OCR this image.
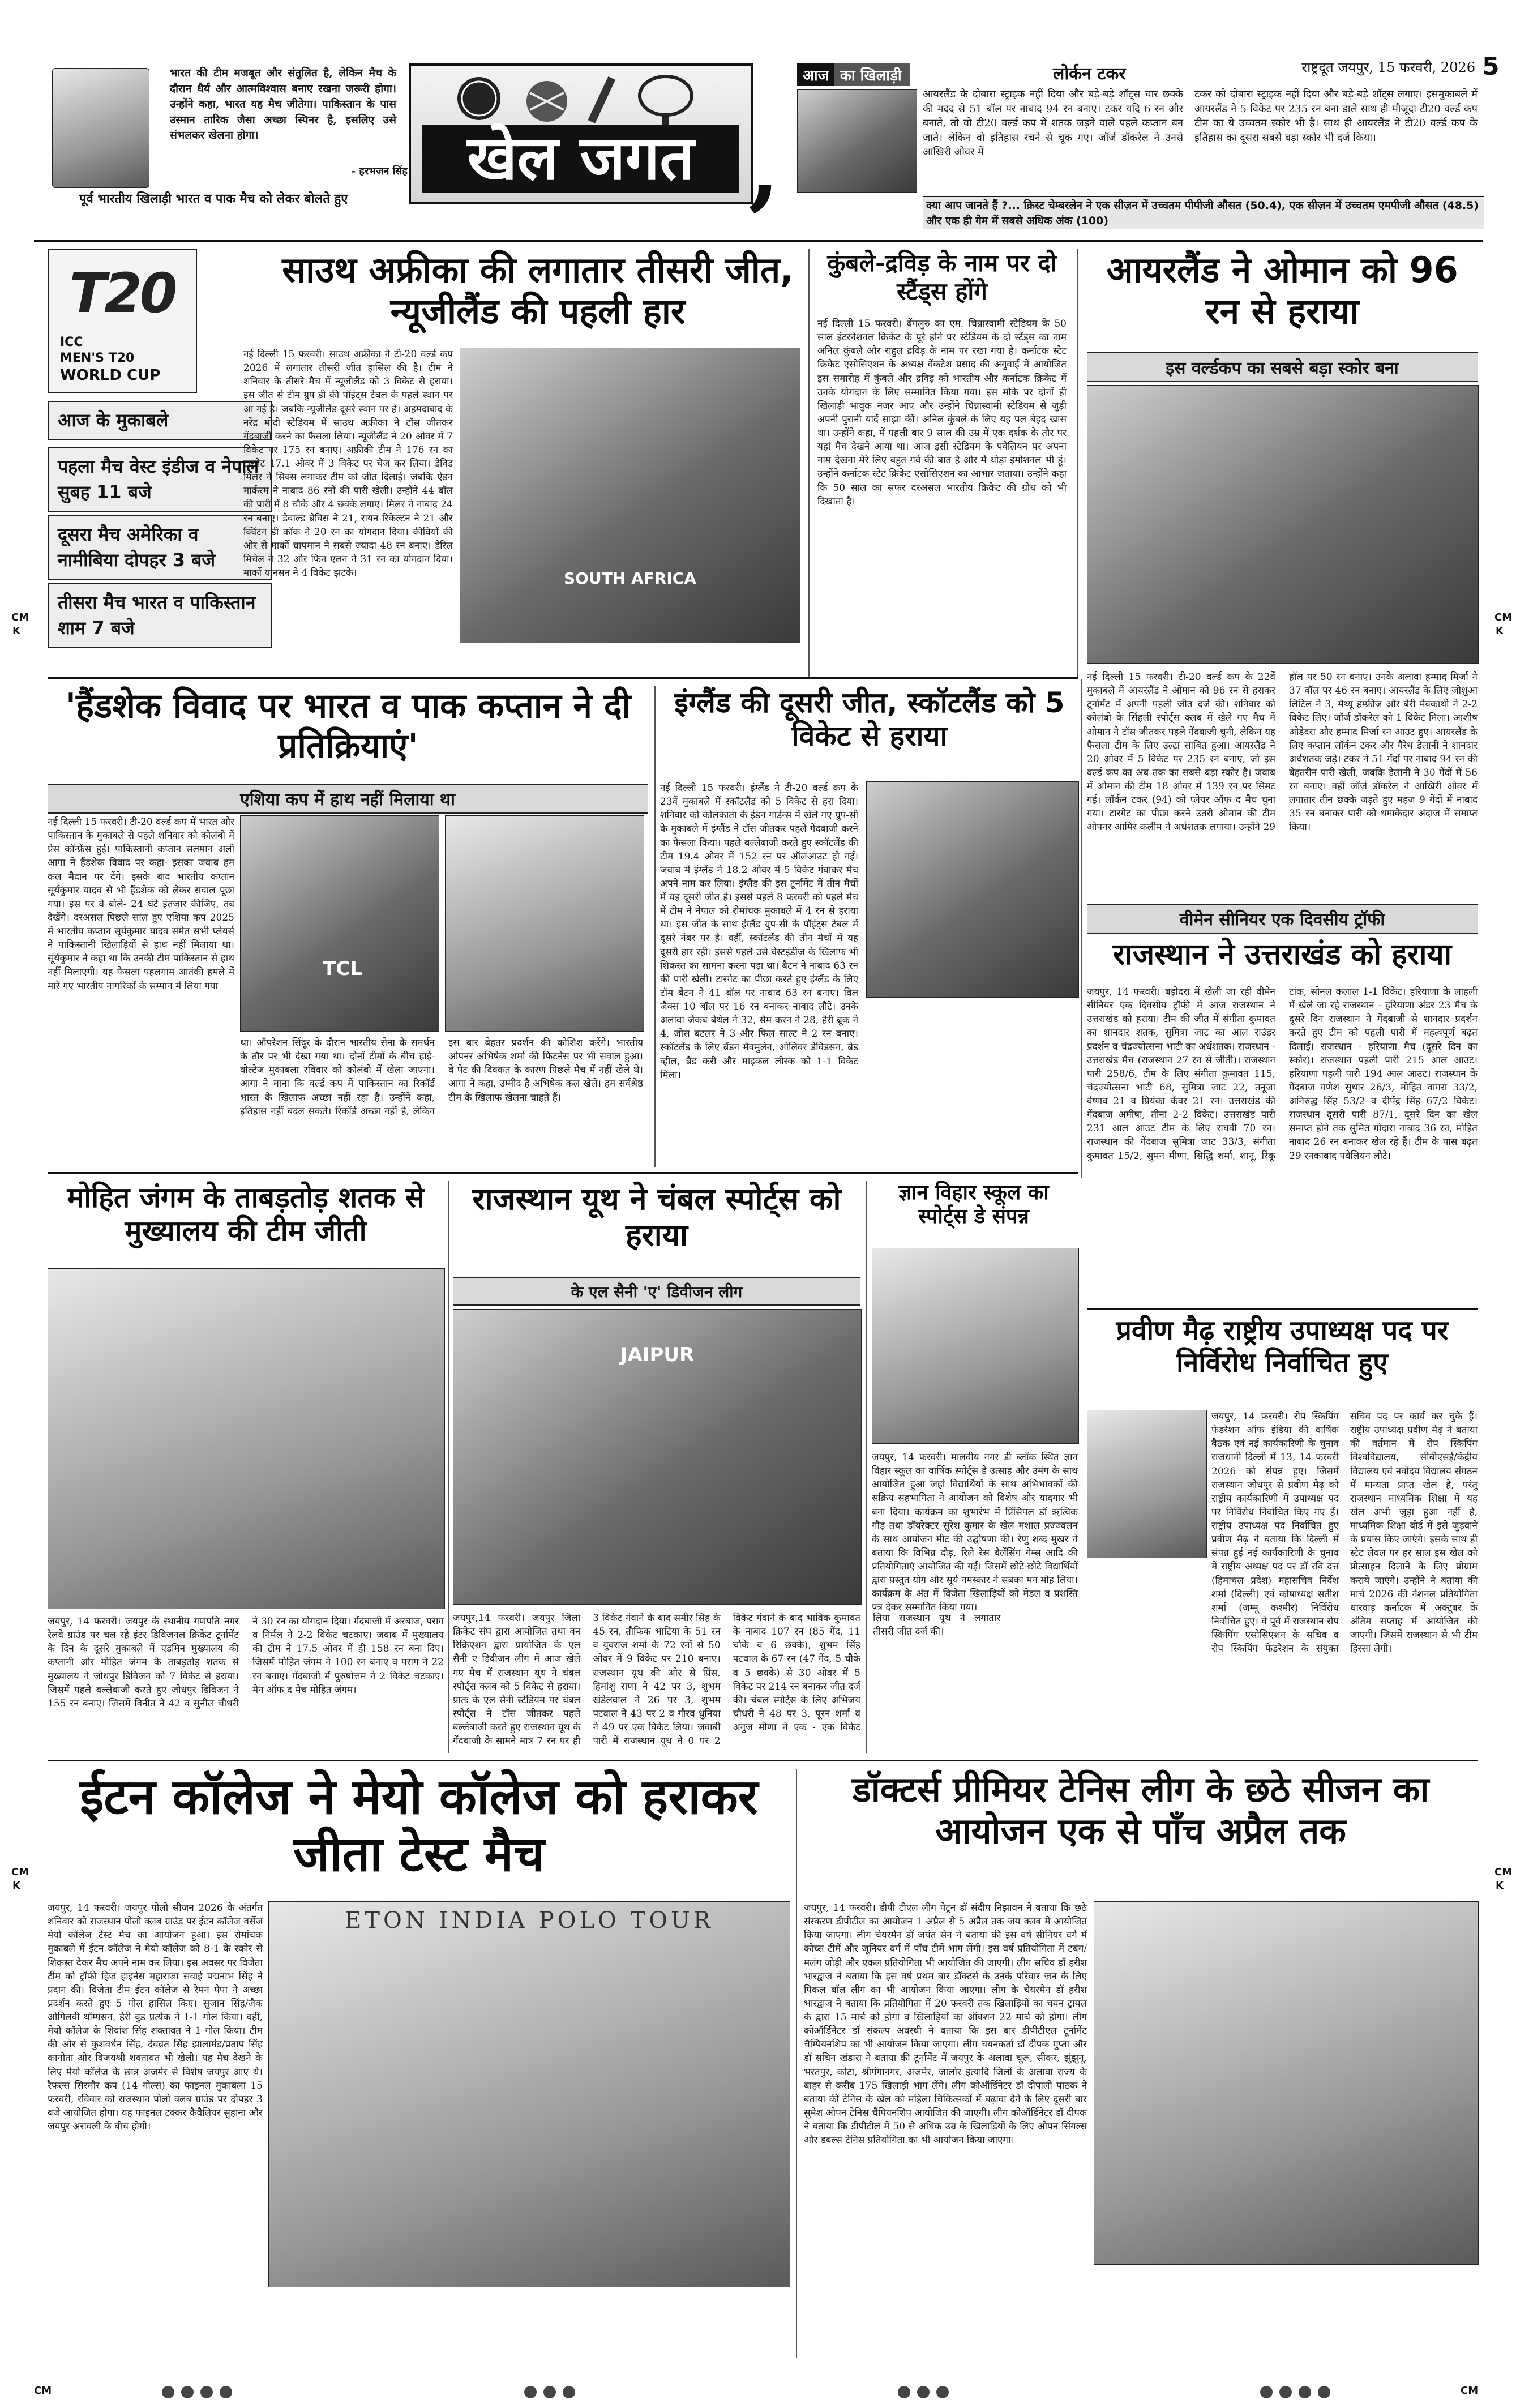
भारत की टीम मजबूत और संतुलित है, लेकिन मैच के दौरान धैर्य और आत्मविश्वास बनाए रखना जरूरी होगा। उन्होंने कहा, भारत यह मैच जीतेगा। पाकिस्तान के पास उस्मान तारिक जैसा अच्छा स्पिनर है, इसलिए उसे संभलकर खेलना होगा।
- हरभजन सिंह
पूर्व भारतीय खिलाड़ी भारत व पाक मैच को लेकर बोलते हुए
खेल जगत ,
आज का खिलाड़ी	लोर्कन टकर	राष्ट्रदूत जयपुर, 15 फरवरी, 2026 5
आयरलैंड के दोबारा स्ट्राइक नहीं दिया और बड़े-बड़े शॉट्स चार छक्के की मदद से 51 बॉल पर नाबाद 94 रन बनाए। टकर यदि 6 रन और बनाते, तो वो टी20 वर्ल्ड कप में शतक जड़ने वाले पहले कप्तान बन जाते। लेकिन वो इतिहास रचने से चूक गए। जॉर्ज डॉकरेल ने उनसे आखिरी ओवर में
टकर को दोबारा स्ट्राइक नहीं दिया और बड़े-बड़े शॉट्स लगाए। इसमुकाबले में आयरलैंड ने 5 विकेट पर 235 रन बना डाले साथ ही मौजूदा टी20 वर्ल्ड कप टीम का ये उच्चतम स्कोर भी है। साथ ही आयरलैंड ने टी20 वर्ल्ड कप के इतिहास का दूसरा सबसे बड़ा स्कोर भी दर्ज किया।
क्या आप जानते हैं ?... क्रिस्ट चेम्बरलेन ने एक सीज़न में उच्चतम पीपीजी औसत (50.4), एक सीज़न में उच्चतम एमपीजी औसत (48.5) और एक ही गेम में सबसे अधिक अंक (100)
T20
ICC
MEN'S T20
WORLD CUP
आज के मुकाबले
पहला मैच वेस्ट इंडीज व नेपाल सुबह 11 बजे
दूसरा मैच अमेरिका व नामीबिया दोपहर 3 बजे
तीसरा मैच भारत व पाकिस्तान शाम 7 बजे
CM
K
CM
K
CM
K
CM
K
साउथ अफ्रीका की लगातार तीसरी जीत, न्यूजीलैंड की पहली हार
नई दिल्ली 15 फरवरी। साउथ अफ्रीका ने टी-20 वर्ल्ड कप 2026 में लगातार तीसरी जीत हासिल की है। टीम ने शनिवार के तीसरे मैच में न्यूजीलैंड को 3 विकेट से हराया। इस जीत से टीम ग्रुप डी की पॉइंट्स टेबल के पहले स्थान पर आ गई है। जबकि न्यूजीलैंड दूसरे स्थान पर है। अहमदाबाद के नरेंद्र मोदी स्टेडियम में साउथ अफ्रीका ने टॉस जीतकर गेंदबाजी करने का फैसला लिया। न्यूजीलैंड ने 20 ओवर में 7 विकेट पर 175 रन बनाए। अफ्रीकी टीम ने 176 रन का टारगेट 17.1 ओवर में 3 विकेट पर चेज कर लिया। डेविड मिलर ने सिक्स लगाकर टीम को जीत दिलाई। जबकि ऐडन मार्करम ने नाबाद 86 रनों की पारी खेली। उन्होंने 44 बॉल की पारी में 8 चौके और 4 छक्के लगाए। मिलर ने नाबाद 24 रन बनाए। डेवाल्ड ब्रेविस ने 21, रायन रिकेल्टन ने 21 और क्विंटन डी कॉक ने 20 रन का योगदान दिया। कीवियों की ओर से मार्को चापमान ने सबसे ज्यादा 48 रन बनाए। डेरिल मिचेल ने 32 और फिन एलन ने 31 रन का योगदान दिया। मार्को यानसन ने 4 विकेट झटके।	SOUTH AFRICA
कुंबले-द्रविड़ के नाम पर दो स्टैंड्स होंगे
नई दिल्ली 15 फरवरी। बेंगलुरु का एम. चिन्नास्वामी स्टेडियम के 50 साल इंटरनेशनल क्रिकेट के पूरे होने पर स्टेडियम के दो स्टैंड्स का नाम अनिल कुंबले और राहुल द्रविड़ के नाम पर रखा गया है। कर्नाटक स्टेट क्रिकेट एसोसिएशन के अध्यक्ष वेंकटेश प्रसाद की अगुवाई में आयोजित इस समारोह में कुंबले और द्रविड़ को भारतीय और कर्नाटक क्रिकेट में उनके योगदान के लिए सम्मानित किया गया। इस मौके पर दोनों ही खिलाड़ी भावुक नजर आए और उन्होंने चिन्नास्वामी स्टेडियम से जुड़ी अपनी पुरानी यादें साझा कीं। अनिल कुंबले के लिए यह पल बेहद खास था। उन्होंने कहा, मैं पहली बार 9 साल की उम्र में एक दर्शक के तौर पर यहां मैच देखने आया था। आज इसी स्टेडियम के पवेलियन पर अपना नाम देखना मेरे लिए बहुत गर्व की बात है और मैं थोड़ा इमोशनल भी हूं। उन्होंने कर्नाटक स्टेट क्रिकेट एसोसिएशन का आभार जताया। उन्होंने कहा कि 50 साल का सफर दरअसल भारतीय क्रिकेट की ग्रोथ को भी दिखाता है।
आयरलैंड ने ओमान को 96 रन से हराया
इस वर्ल्डकप का सबसे बड़ा स्कोर बना
नई दिल्ली 15 फरवरी। टी-20 वर्ल्ड कप के 22वें मुकाबले में आयरलैंड ने ओमान को 96 रन से हराकर टूर्नामेंट में अपनी पहली जीत दर्ज की। शनिवार को कोलंबो के सिंहली स्पोर्ट्स क्लब में खेले गए मैच में ओमान ने टॉस जीतकर पहले गेंदबाजी चुनी, लेकिन यह फैसला टीम के लिए उल्टा साबित हुआ। आयरलैंड ने 20 ओवर में 5 विकेट पर 235 रन बनाए, जो इस वर्ल्ड कप का अब तक का सबसे बड़ा स्कोर है। जवाब में ओमान की टीम 18 ओवर में 139 रन पर सिमट गई। लॉर्कन टकर (94) को प्लेयर ऑफ द मैच चुना गया। टारगेट का पीछा करने उतरी ओमान की टीम ओपनर आमिर कलीम ने अर्धशतक लगाया। उन्होंने 29 हॉल पर 50 रन बनाए। उनके अलावा हम्माद मिर्जा ने 37 बॉल पर 46 रन बनाए। आयरलैंड के लिए जोशुआ लिटिल ने 3, मैथ्यू हम्फ्रीज और बैरी मैक्कार्थी ने 2-2 विकेट लिए। जॉर्ज डॉकरेल को 1 विकेट मिला। आशीष ओडेदरा और हम्माद मिर्जा रन आउट हुए। आयरलैंड के लिए कप्तान लॉर्कन टकर और गैरेथ डेलानी ने शानदार अर्धशतक जड़े। टकर ने 51 गेंदों पर नाबाद 94 रन की बेहतरीन पारी खेली, जबकि डेलानी ने 30 गेंदों में 56 रन बनाए। वहीं जॉर्ज डॉकरेल ने आखिरी ओवर में लगातार तीन छक्के जड़ते हुए महज 9 गेंदों में नाबाद 35 रन बनाकर पारी को धमाकेदार अंदाज में समाप्त किया।
'हैंडशेक विवाद पर भारत व पाक कप्तान ने दी प्रतिक्रियाएं'
एशिया कप में हाथ नहीं मिलाया था
नई दिल्ली 15 फरवरी। टी-20 वर्ल्ड कप में भारत और पाकिस्तान के मुकाबले से पहले शनिवार को कोलंबो में प्रेस कॉन्फ्रेंस हुई। पाकिस्तानी कप्तान सलमान अली आगा ने हैंडशेक विवाद पर कहा- इसका जवाब हम कल मैदान पर देंगे। इसके बाद भारतीय कप्तान सूर्यकुमार यादव से भी हैंडशेक को लेकर सवाल पूछा गया। इस पर वे बोले- 24 घंटे इंतजार कीजिए, तब देखेंगे। दरअसल पिछले साल हुए एशिया कप 2025 में भारतीय कप्तान सूर्यकुमार यादव समेत सभी प्लेयर्स ने पाकिस्तानी खिलाड़ियों से हाथ नहीं मिलाया था। सूर्यकुमार ने कहा था कि उनकी टीम पाकिस्तान से हाथ नहीं मिलाएगी। यह फैसला पहलगाम आतंकी हमले में मारे गए भारतीय नागरिकों के सम्मान में लिया गया
TCL
था। ऑपरेशन सिंदूर के दौरान भारतीय सेना के समर्थन के तौर पर भी देखा गया था। दोनों टीमों के बीच हाई-वोल्टेज मुकाबला रविवार को कोलंबो में खेला जाएगा। आगा ने माना कि वर्ल्ड कप में पाकिस्तान का रिकॉर्ड भारत के खिलाफ अच्छा नहीं रहा है। उन्होंने कहा, इतिहास नहीं बदल सकते। रिकॉर्ड अच्छा नहीं है, लेकिन इस बार बेहतर प्रदर्शन की कोशिश करेंगे। भारतीय ओपनर अभिषेक शर्मा की फिटनेस पर भी सवाल हुआ। वे पेट की दिक्कत के कारण पिछले मैच में नहीं खेले थे। आगा ने कहा, उम्मीद है अभिषेक कल खेलें। हम सर्वश्रेष्ठ टीम के खिलाफ खेलना चाहते हैं।
इंग्लैंड की दूसरी जीत, स्कॉटलैंड को 5 विकेट से हराया
नई दिल्ली 15 फरवरी। इंग्लैंड ने टी-20 वर्ल्ड कप के 23वें मुकाबले में स्कॉटलैंड को 5 विकेट से हरा दिया। शनिवार को कोलकाता के ईडन गार्डन्स में खेले गए ग्रुप-सी के मुकाबले में इंग्लैंड ने टॉस जीतकर पहले गेंदबाजी करने का फैसला किया। पहले बल्लेबाजी करते हुए स्कॉटलैंड की टीम 19.4 ओवर में 152 रन पर ऑलआउट हो गई। जवाब में इंग्लैंड ने 18.2 ओवर में 5 विकेट गंवाकर मैच अपने नाम कर लिया। इंग्लैंड की इस टूर्नामेंट में तीन मैचों में यह दूसरी जीत है। इससे पहले 8 फरवरी को पहले मैच में टीम ने नेपाल को रोमांचक मुकाबले में 4 रन से हराया था। इस जीत के साथ इंग्लैंड ग्रुप-सी के पॉइंट्स टेबल में दूसरे नंबर पर है। वहीं, स्कॉटलैंड की तीन मैचों में यह दूसरी हार रही। इससे पहले उसे वेस्टइंडीज के खिलाफ भी शिकस्त का सामना करना पड़ा था। बैटन ने नाबाद 63 रन की पारी खेली। टारगेट का पीछा करते हुए इंग्लैंड के लिए टॉम बैंटन ने 41 बॉल पर नाबाद 63 रन बनाए। विल जैक्स 10 बॉल पर 16 रन बनाकर नाबाद लौटे। उनके अलावा जैकब बेथेल ने 32, सैम करन ने 28, हैरी ब्रूक ने 4, जोस बटलर ने 3 और फिल साल्ट ने 2 रन बनाए। स्कॉटलैंड के लिए ब्रैंडन मैक्मुलेन, ओलिवर डेविडसन, ब्रैड व्हील, ब्रैड करी और माइकल लीस्क को 1-1 विकेट मिला।
वीमेन सीनियर एक दिवसीय ट्रॉफी
राजस्थान ने उत्तराखंड को हराया
जयपुर, 14 फरवरी। बड़ोदरा में खेली जा रही वीमेन सीनियर एक दिवसीय ट्रॉफी में आज राजस्थान ने उत्तराखंड को हराया। टीम की जीत में संगीता कुमावत का शानदार शतक, सुमित्रा जाट का आल राउंडर प्रदर्शन व चंद्रज्योत्सना भाटी का अर्धशतक। राजस्थान - उत्तराखंड मैच (राजस्थान 27 रन से जीती)। राजस्थान पारी 258/6, टीम के लिए संगीता कुमावत 115, चंद्रज्योत्सना भाटी 68, सुमित्रा जाट 22, तनूजा वैष्णव 21 व प्रियंका कैंवर 21 रन। उत्तराखंड की गेंदबाज अमीषा, तीना 2-2 विकेट। उत्तराखंड पारी 231 आल आउट टीम के लिए राघवी 70 रन। राजस्थान की गेंदबाज सुमित्रा जाट 33/3, संगीता कुमावत 15/2, सुमन मीणा, सिद्धि शर्मा, शानू, रिंकू टांक, सोनल कलाल 1-1 विकेट। हरियाणा के लाहली में खेले जा रहे राजस्थान - हरियाणा अंडर 23 मैच के दूसरे दिन राजस्थान ने गेंदबाजी से शानदार प्रदर्शन करते हुए टीम को पहली पारी में महत्वपूर्ण बढ़त दिलाई। राजस्थान - हरियाणा मैच (दूसरे दिन का स्कोर)। राजस्थान पहली पारी 215 आल आउट। हरियाणा पहली पारी 194 आल आउट। राजस्थान के गेंदबाज गणेश सुथार 26/3, मोहित वागरा 33/2, अनिरुद्ध सिंह 53/2 व दीपेंद्र सिंह 67/2 विकेट। राजस्थान दूसरी पारी 87/1, दूसरे दिन का खेल समाप्त होने तक सुमित गोदारा नाबाद 36 रन, मोहित नाबाद 26 रन बनाकर खेल रहे हैं। टीम के पास बढ़त 29 रनकाबाद पवेलियन लौटे।
मोहित जंगम के ताबड़तोड़ शतक से मुख्यालय की टीम जीती
जयपुर, 14 फरवरी। जयपुर के स्थानीय गणपति नगर रेलवे ग्राउंड पर चल रहे इंटर डिविजनल क्रिकेट टूर्नामेंट के दिन के दूसरे मुकाबले में एडमिन मुख्यालय की कप्तानी और मोहित जंगम के ताबड़तोड़ शतक से मुख्यालय ने जोधपुर डिविजन को 7 विकेट से हराया। जिसमें पहले बल्लेबाजी करते हुए जोधपुर डिविजन ने 155 रन बनाए। जिसमें विनीत ने 42 व सुनील चौधरी ने 30 रन का योगदान दिया। गेंदबाजी में अरबाज, पराग व निर्मल ने 2-2 विकेट चटकाए। जवाब में मुख्यालय की टीम ने 17.5 ओवर में ही 158 रन बना दिए। जिसमें मोहित जंगम ने 100 रन बनाए व पराग ने 22 रन बनाए। गेंदबाजी में पुरुषोत्तम ने 2 विकेट चटकाए। मैन ऑफ द मैच मोहित जंगम।
राजस्थान यूथ ने चंबल स्पोर्ट्स को हराया
के एल सैनी 'ए' डिवीजन लीग
JAIPUR
जयपुर,14 फरवरी। जयपुर जिला क्रिकेट संघ द्वारा आयोजित तथा वन रिक्रिएशन द्वारा प्रायोजित के एल सैनी ए डिवीजन लीग में आज खेले गए मैच में राजस्थान यूथ ने चंबल स्पोर्ट्स क्लब को 5 विकेट से हराया। प्रातः के एल सैनी स्टेडियम पर चंबल स्पोर्ट्स ने टॉस जीतकर पहले बल्लेबाजी करते हुए राजस्थान यूथ के गेंदबाजी के सामने मात्र 7 रन पर ही 3 विकेट गंवाने के बाद समीर सिंह के 45 रन, तौफिक भाटिया के 51 रन व युवराज शर्मा के 72 रनों से 50 ओवर में 9 विकेट पर 210 बनाए। राजस्थान यूथ की ओर से प्रिंस, हिमांशु राणा ने 42 पर 3, शुभम खंडेलवाल ने 26 पर 3, शुभम पटवाल ने 43 पर 2 व गौरव धुनिया ने 49 पर एक विकेट लिया। जवाबी पारी में राजस्थान यूथ ने 0 पर 2 विकेट गंवाने के बाद भाविक कुमावत के नाबाद 107 रन (85 गेंद, 11 चौके व 6 छक्के), शुभम सिंह पटवाल के 67 रन (47 गेंद, 5 चौके व 5 छक्के) से 30 ओवर में 5 विकेट पर 214 रन बनाकर जीत दर्ज की। चंबल स्पोर्ट्स के लिए अभिजय चौधरी ने 48 पर 3, पूरन शर्मा व अनुज मीणा ने एक - एक विकेट लिया राजस्थान यूथ ने लगातार तीसरी जीत दर्ज की।
ज्ञान विहार स्कूल का स्पोर्ट्स डे संपन्न
जयपुर, 14 फरवरी। मालवीय नगर डी ब्लॉक स्थित ज्ञान विहार स्कूल का वार्षिक स्पोर्ट्स डे उत्साह और उमंग के साथ आयोजित हुआ जहां विद्यार्थियों के साथ अभिभावकों की सक्रिय सहभागिता ने आयोजन को विशेष और यादगार भी बना दिया। कार्यक्रम का शुभारंभ में प्रिंसिपल डॉ ऋत्विक गौड़ तथा डॉयरेक्टर सुरेश कुमार के खेल मशाल प्रज्ज्वलन के साथ आयोजन मीट की उद्घोषणा की। रेणु शब्द मुखर ने बताया कि विभिन्न दौड़, रिले रेस बैलेंसिंग गेम्स आदि की प्रतियोगिताएं आयोजित की गईं। जिसमें छोटे-छोटे विद्यार्थियों द्वारा प्रस्तुत योग और सूर्य नमस्कार ने सबका मन मोह लिया। कार्यक्रम के अंत में विजेता खिलाड़ियों को मेडल व प्रशस्ति पत्र देकर सम्मानित किया गया।
प्रवीण मैढ़ राष्ट्रीय उपाध्यक्ष पद पर निर्विरोध निर्वाचित हुए
जयपुर, 14 फरवरी। रोप स्किपिंग फेडरेशन ऑफ इंडिया की वार्षिक बैठक एवं नई कार्यकारिणी के चुनाव राजधानी दिल्ली में 13, 14 फरवरी 2026 को संपन्न हुए। जिसमें राजस्थान जोधपुर से प्रवीण मैढ़ को राष्ट्रीय कार्यकारिणी में उपाध्यक्ष पद पर निर्विरोध निर्वाचित किए गए हैं। राष्ट्रीय उपाध्यक्ष पद निर्वाचित हुए प्रवीण मैढ़ ने बताया कि दिल्ली में संपन्न हुई नई कार्यकारिणी के चुनाव में राष्ट्रीय अध्यक्ष पद पर डॉ रवि दत्त (हिमाचल प्रदेश) महासचिव निर्देश शर्मा (दिल्ली) एवं कोषाध्यक्ष सतीश शर्मा (जम्मू कश्मीर) निर्विरोध निर्वाचित हुए। वे पूर्व में राजस्थान रोप स्किपिंग एसोसिएशन के सचिव व रोप स्किपिंग फेडरेशन के संयुक्त सचिव पद पर कार्य कर चुके हैं। राष्ट्रीय उपाध्यक्ष प्रवीण मैढ़ ने बताया की वर्तमान में रोप स्किपिंग विश्वविद्यालय, सीबीएसई/केंद्रीय विद्यालय एवं नवोदय विद्यालय संगठन में मान्यता प्राप्त खेल है, परंतु राजस्थान माध्यमिक शिक्षा में यह खेल अभी जुड़ा हुआ नहीं है, माध्यमिक शिक्षा बोर्ड में इसे जुड़वाने के प्रयास किए जाएंगे। इसके साथ ही स्टेट लेवल पर हर साल इस खेल को प्रोत्साहन दिलाने के लिए प्रोग्राम कराये जाएंगे। उन्होंने ने बताया की मार्च 2026 की नेशनल प्रतियोगिता धारवाड़ कर्नाटक में अक्टूबर के अंतिम सप्ताह में आयोजित की जाएगी। जिसमें राजस्थान से भी टीम हिस्सा लेगी।
ईटन कॉलेज ने मेयो कॉलेज को हराकर जीता टेस्ट मैच
जयपुर, 14 फरवरी। जयपुर पोलो सीजन 2026 के अंतर्गत शनिवार को राजस्थान पोलो क्लब ग्राउंड पर ईटन कॉलेज वर्सेज मेयो कॉलेज टेस्ट मैच का आयोजन हुआ। इस रोमांचक मुकाबले में ईटन कॉलेज ने मेयो कॉलेज को 8-1 के स्कोर से शिकस्त देकर मैच अपने नाम कर लिया। इस अवसर पर विजेता टीम को ट्रॉफी हिज हाइनेस महाराजा सवाई पद्मनाभ सिंह ने प्रदान की। विजेता टीम ईटन कॉलेज से रैमन पेपा ने अच्छा प्रदर्शन करते हुए 5 गोल हासिल किए। सुजान सिंह/जैक ओगिलवी थॉम्पसन, हैरी वुड प्रत्येक ने 1-1 गोल किया। वहीं, मेयो कॉलेज के शिवांश सिंह शक्तावत ने 1 गोल किया। टीम की ओर से कुशवर्धन सिंह, देवव्रत सिंह झालामंड/प्रताप सिंह कानोता और विजयश्री शक्तावत भी खेली। यह मैच देखने के लिए मेयो कॉलेज के छात्र अजमेर से विशेष जयपुर आए थे। रैफल्स सिरमौर कप (14 गोल्स) का फाइनल मुकाबला 15 फरवरी, रविवार को राजस्थान पोलो क्लब ग्राउंड पर दोपहर 3 बजे आयोजित होगा। यह फाइनल टक्कर कैवैलियर सुहाना और जयपुर अरावली के बीच होगी।
ETON INDIA POLO TOUR
डॉक्टर्स प्रीमियर टेनिस लीग के छठे सीजन का आयोजन एक से पाँच अप्रैल तक
जयपुर, 14 फरवरी। डीपी टीएल लीग पेट्रन डॉ संदीप निझावन ने बताया कि छठे संस्करण डीपीटील का आयोजन 1 अप्रैल से 5 अप्रैल तक जय क्लब में आयोजित किया जाएगा। लीग चेयरमैन डॉ जयंत सेन ने बताया की इस वर्ष सीनियर वर्ग में कोच्स टीमें और जूनियर वर्ग में पाँच टीमें भाग लेंगी। इस वर्ष प्रतियोगिता में टबंग/मलंग जोड़ी और एकल प्रतियोगिता भी आयोजित की जाएगी। लीग सचिव डॉ हरीश भारद्वाज ने बताया कि इस वर्ष प्रथम बार डॉक्टर्स के उनके परिवार जन के लिए पिकल बॉल लीग का भी आयोजन किया जाएगा। लीग के चेयरमैन डॉ हरीश भारद्वाज ने बताया कि प्रतियोगिता में 20 फरवरी तक खिलाड़ियों का चयन ट्रायल के द्वारा 15 मार्च को होगा व खिलाड़ियों का ऑक्शन 22 मार्च को होगा। लीग कोऑर्डिनेटर डॉ संकल्प अवस्थी ने बताया कि इस बार डीपीटीएल टूर्नामेंट चैम्पियनशिप का भी आयोजन किया जाएगा। लीग चयनकर्ता डॉ दीपक गुप्ता और डॉ सचिन खंडारा ने बताया की टूर्नामेंट में जयपुर के अलावा चूरू, सीकर, झुंझुनू, भरतपुर, कोटा, श्रीगंगानगर, अजमेर, जालोर इत्यादि जिलों के अलावा राज्य के बाहर से करीब 175 खिलाड़ी भाग लेंगे। लीग कोऑर्डिनेटर डॉ दीपाली पाठक ने बताया की टेनिस के खेल को महिला चिकित्सकों में बढ़ावा देने के लिए दूसरी बार सुमेश ओपन टेनिस चैंपियनशिप आयोजित की जाएगी। लीग कोऑर्डिनेटर डॉ दीपक ने बताया कि डीपीटील में 50 से अधिक उम्र के खिलाड़ियों के लिए ओपन सिंगल्स और डबल्स टेनिस प्रतियोगिता का भी आयोजन किया जाएगा।
CM	CM
